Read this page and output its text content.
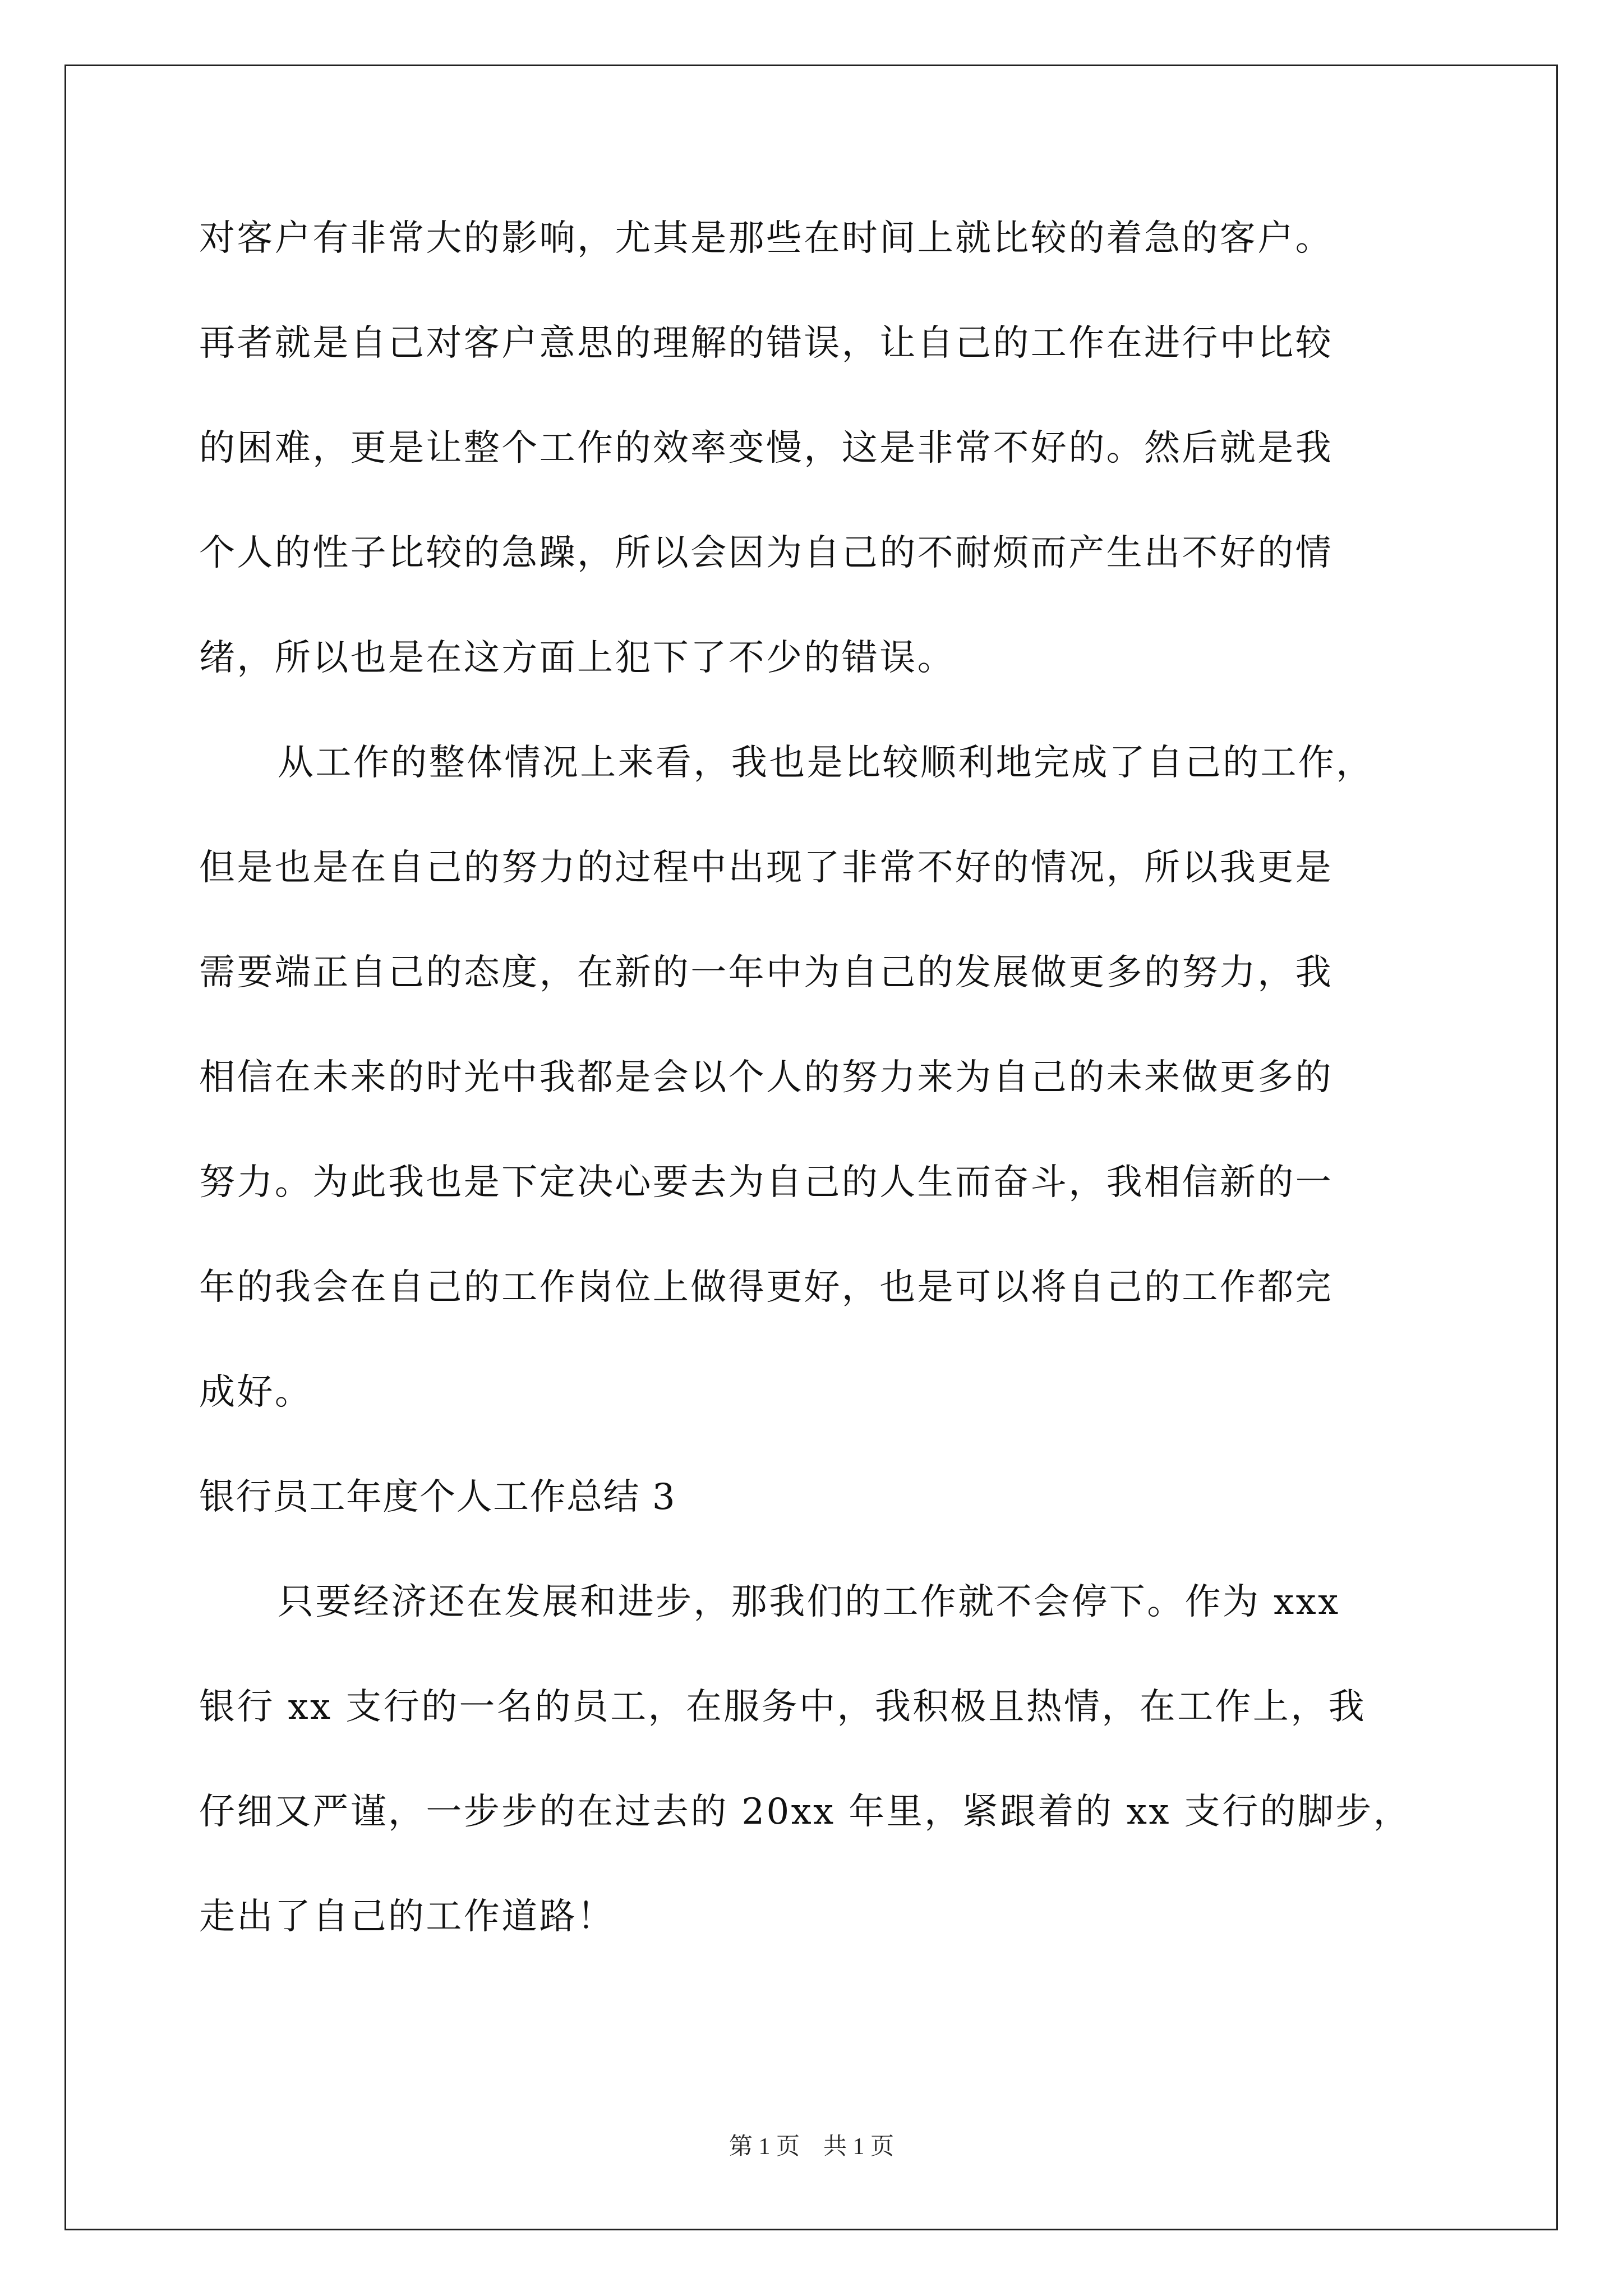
对客户有非常大的影响，尤其是那些在时间上就比较的着急的客户。
再者就是自己对客户意思的理解的错误，让自己的工作在进行中比较
的困难，更是让整个工作的效率变慢，这是非常不好的。然后就是我
个人的性子比较的急躁，所以会因为自己的不耐烦而产生出不好的情
绪，所以也是在这方面上犯下了不少的错误。
从工作的整体情况上来看，我也是比较顺利地完成了自己的工作，
但是也是在自己的努力的过程中出现了非常不好的情况，所以我更是
需要端正自己的态度，在新的一年中为自己的发展做更多的努力，我
相信在未来的时光中我都是会以个人的努力来为自己的未来做更多的
努力。为此我也是下定决心要去为自己的人生而奋斗，我相信新的一
年的我会在自己的工作岗位上做得更好，也是可以将自己的工作都完
成好。
银行员工年度个人工作总结 3
只要经济还在发展和进步，那我们的工作就不会停下。作为 xxx
银行 xx 支行的一名的员工，在服务中，我积极且热情，在工作上，我
仔细又严谨，一步步的在过去的 20xx 年里，紧跟着的 xx 支行的脚步，
走出了自己的工作道路！
第 1 页　共 1 页
